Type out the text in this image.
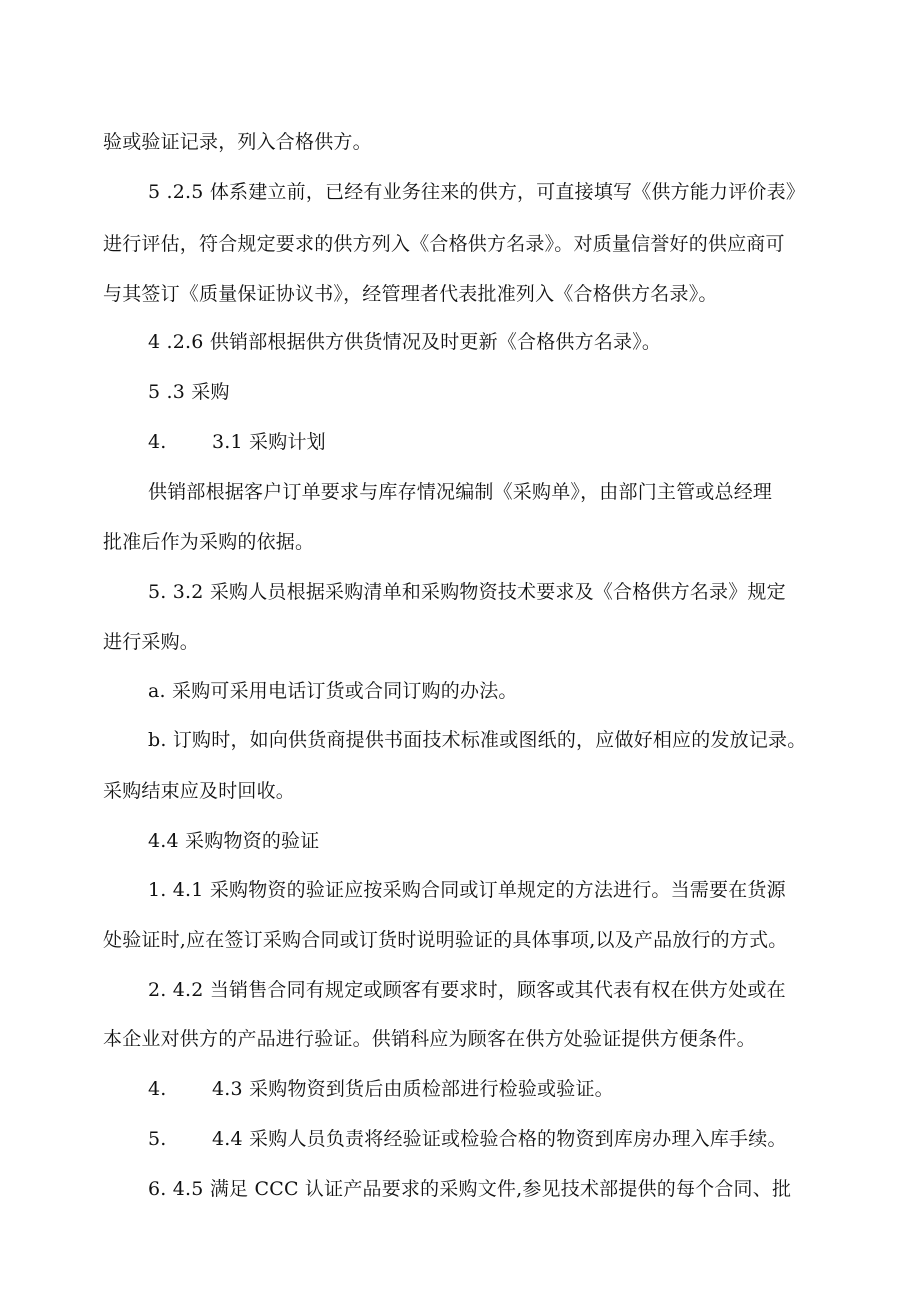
验或验证记录，列入合格供方。
5 .2.5 体系建立前，已经有业务往来的供方，可直接填写《供方能力评价表》
进行评估，符合规定要求的供方列入《合格供方名录》。对质量信誉好的供应商可
与其签订《质量保证协议书》，经管理者代表批准列入《合格供方名录》。
4 .2.6 供销部根据供方供货情况及时更新《合格供方名录》。
5 .3 采购
4. 3.1 采购计划
供销部根据客户订单要求与库存情况编制《采购单》，由部门主管或总经理
批准后作为采购的依据。
5. 3.2 采购人员根据采购清单和采购物资技术要求及《合格供方名录》规定
进行采购。
a. 采购可采用电话订货或合同订购的办法。
b. 订购时，如向供货商提供书面技术标准或图纸的，应做好相应的发放记录。
采购结束应及时回收。
4.4 采购物资的验证
1. 4.1 采购物资的验证应按采购合同或订单规定的方法进行。当需要在货源
处验证时,应在签订采购合同或订货时说明验证的具体事项,以及产品放行的方式。
2. 4.2 当销售合同有规定或顾客有要求时，顾客或其代表有权在供方处或在
本企业对供方的产品进行验证。供销科应为顾客在供方处验证提供方便条件。
4. 4.3 采购物资到货后由质检部进行检验或验证。
5. 4.4 采购人员负责将经验证或检验合格的物资到库房办理入库手续。
6. 4.5 满足 CCC 认证产品要求的采购文件,参见技术部提供的每个合同、批
